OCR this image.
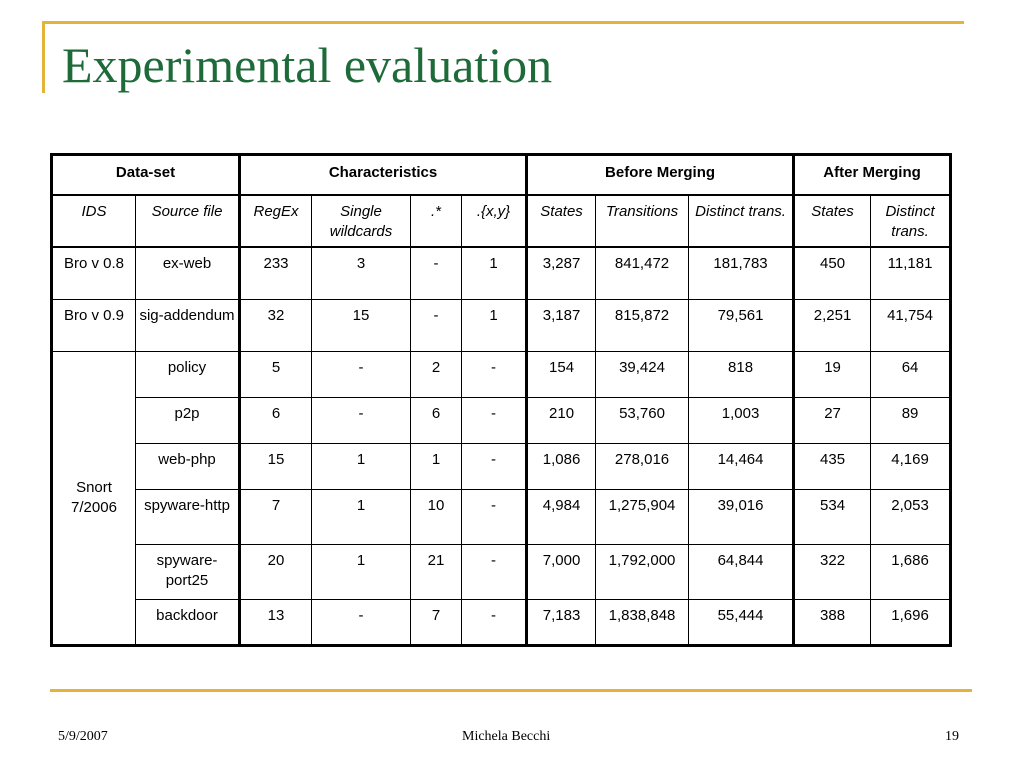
Experimental evaluation
Data-set		Characteristics				Before Merging			After Merging	
IDS	Source file	RegEx	Single wildcards	.*	.{x,y}	States	Transitions	Distinct trans.	States	Distinct trans.
Bro v 0.8	ex-web	233	3	-	1	3,287	841,472	181,783	450	11,181
Bro v 0.9	sig-addendum	32	15	-	1	3,187	815,872	79,561	2,251	41,754
Snort 7/2006	policy	5	-	2	-	154	39,424	818	19	64
	p2p	6	-	6	-	210	53,760	1,003	27	89
	web-php	15	1	1	-	1,086	278,016	14,464	435	4,169
	spyware-http	7	1	10	-	4,984	1,275,904	39,016	534	2,053
	spyware-port25	20	1	21	-	7,000	1,792,000	64,844	322	1,686
	backdoor	13	-	7	-	7,183	1,838,848	55,444	388	1,696
5/9/2007	Michela Becchi	19
